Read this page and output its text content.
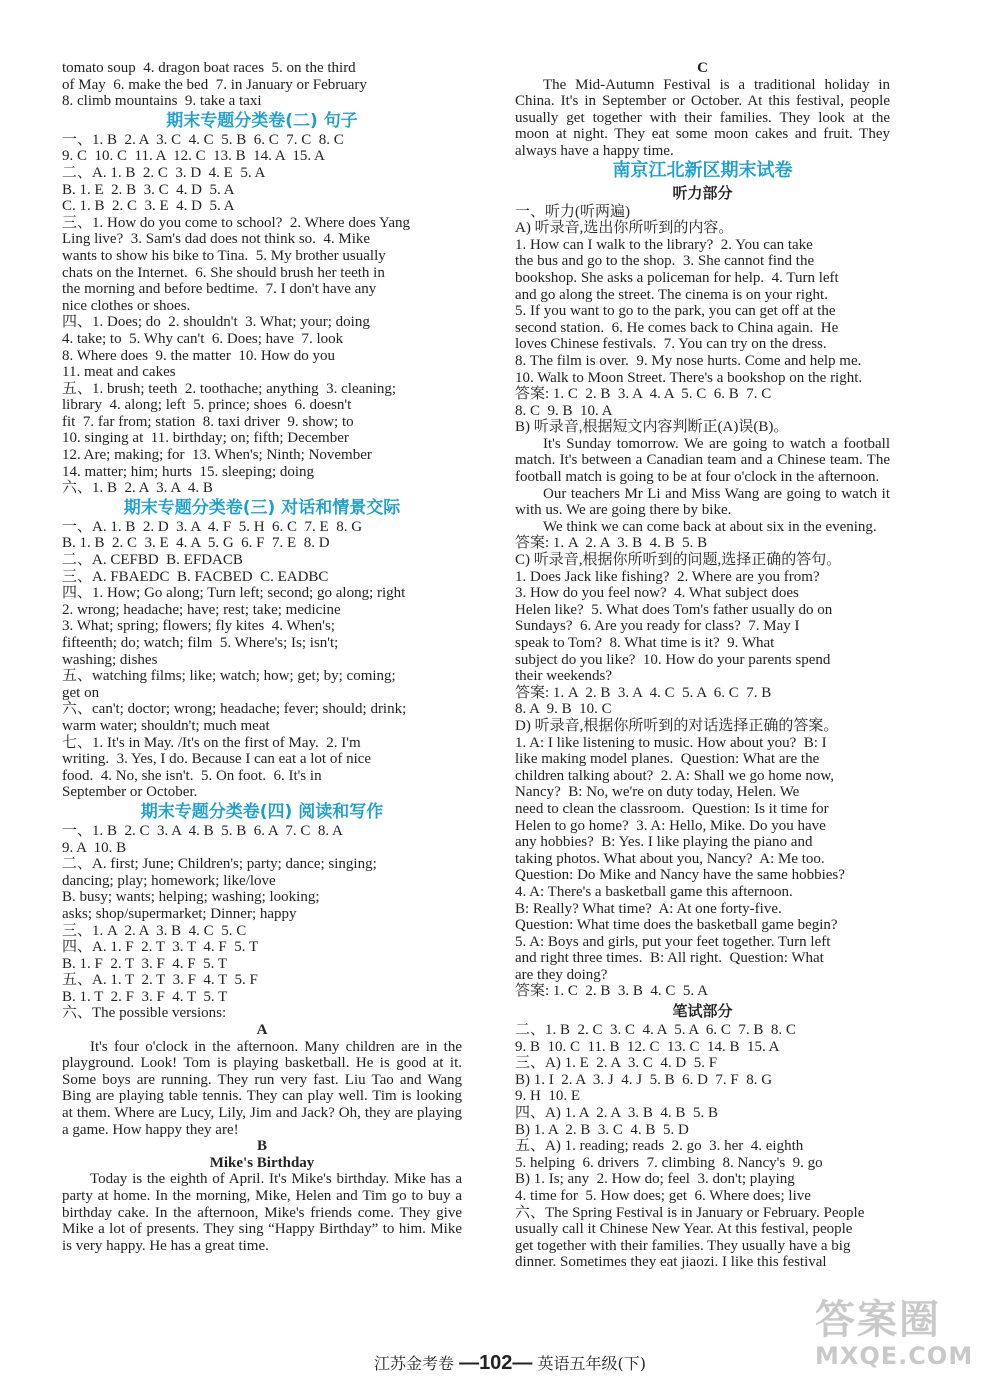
tomato soup  4. dragon boat races  5. on the third
of May  6. make the bed  7. in January or February
8. climb mountains  9. take a taxi
期末专题分类卷(二) 句子
一、1. B  2. A  3. C  4. C  5. B  6. C  7. C  8. C
9. C  10. C  11. A  12. C  13. B  14. A  15. A
二、A. 1. B  2. C  3. D  4. E  5. A
B. 1. E  2. B  3. C  4. D  5. A
C. 1. B  2. C  3. E  4. D  5. A
三、1. How do you come to school?  2. Where does Yang
Ling live?  3. Sam's dad does not think so.  4. Mike
wants to show his bike to Tina.  5. My brother usually
chats on the Internet.  6. She should brush her teeth in
the morning and before bedtime.  7. I don't have any
nice clothes or shoes.
四、1. Does; do  2. shouldn't  3. What; your; doing
4. take; to  5. Why can't  6. Does; have  7. look
8. Where does  9. the matter  10. How do you
11. meat and cakes
五、1. brush; teeth  2. toothache; anything  3. cleaning;
library  4. along; left  5. prince; shoes  6. doesn't
fit  7. far from; station  8. taxi driver  9. show; to
10. singing at  11. birthday; on; fifth; December
12. Are; making; for  13. When's; Ninth; November
14. matter; him; hurts  15. sleeping; doing
六、1. B  2. A  3. A  4. B
期末专题分类卷(三) 对话和情景交际
一、A. 1. B  2. D  3. A  4. F  5. H  6. C  7. E  8. G
B. 1. B  2. C  3. E  4. A  5. G  6. F  7. E  8. D
二、A. CEFBD  B. EFDACB
三、A. FBAEDC  B. FACBED  C. EADBC
四、1. How; Go along; Turn left; second; go along; right
2. wrong; headache; have; rest; take; medicine
3. What; spring; flowers; fly kites  4. When's;
fifteenth; do; watch; film  5. Where's; Is; isn't;
washing; dishes
五、watching films; like; watch; how; get; by; coming;
get on
六、can't; doctor; wrong; headache; fever; should; drink;
warm water; shouldn't; much meat
七、1. It's in May. /It's on the first of May.  2. I'm
writing.  3. Yes, I do. Because I can eat a lot of nice
food.  4. No, she isn't.  5. On foot.  6. It's in
September or October.
期末专题分类卷(四) 阅读和写作
一、1. B  2. C  3. A  4. B  5. B  6. A  7. C  8. A
9. A  10. B
二、A. first; June; Children's; party; dance; singing;
dancing; play; homework; like/love
B. busy; wants; helping; washing; looking;
asks; shop/supermarket; Dinner; happy
三、1. A  2. A  3. B  4. C  5. C
四、A. 1. F  2. T  3. T  4. F  5. T
B. 1. F  2. T  3. F  4. F  5. T
五、A. 1. T  2. T  3. F  4. T  5. F
B. 1. T  2. F  3. F  4. T  5. T
六、The possible versions:
A
It's four o'clock in the afternoon. Many children are in the playground. Look! Tom is playing basketball. He is good at it. Some boys are running. They run very fast. Liu Tao and Wang Bing are playing table tennis. They can play well. Tim is looking at them. Where are Lucy, Lily, Jim and Jack? Oh, they are playing a game. How happy they are!
B
Mike's Birthday
Today is the eighth of April. It's Mike's birthday. Mike has a party at home. In the morning, Mike, Helen and Tim go to buy a birthday cake. In the afternoon, Mike's friends come. They give Mike a lot of presents. They sing “Happy Birthday” to him. Mike is very happy. He has a great time.
C
The Mid-Autumn Festival is a traditional holiday in China. It's in September or October. At this festival, people usually get together with their families. They look at the moon at night. They eat some moon cakes and fruit. They always have a happy time.
南京江北新区期末试卷
听力部分
一、听力(听两遍)
A) 听录音,选出你所听到的内容。
1. How can I walk to the library?  2. You can take
the bus and go to the shop.  3. She cannot find the
bookshop. She asks a policeman for help.  4. Turn left
and go along the street. The cinema is on your right.
5. If you want to go to the park, you can get off at the
second station.  6. He comes back to China again.  He
loves Chinese festivals.  7. You can try on the dress.
8. The film is over.  9. My nose hurts. Come and help me.
10. Walk to Moon Street. There's a bookshop on the right.
答案: 1. C  2. B  3. A  4. A  5. C  6. B  7. C
8. C  9. B  10. A
B) 听录音,根据短文内容判断正(A)误(B)。
It's Sunday tomorrow. We are going to watch a football match. It's between a Canadian team and a Chinese team. The football match is going to be at four o'clock in the afternoon.
Our teachers Mr Li and Miss Wang are going to watch it with us. We are going there by bike.
We think we can come back at about six in the evening.
答案: 1. A  2. A  3. B  4. B  5. B
C) 听录音,根据你所听到的问题,选择正确的答句。
1. Does Jack like fishing?  2. Where are you from?
3. How do you feel now?  4. What subject does
Helen like?  5. What does Tom's father usually do on
Sundays?  6. Are you ready for class?  7. May I
speak to Tom?  8. What time is it?  9. What
subject do you like?  10. How do your parents spend
their weekends?
答案: 1. A  2. B  3. A  4. C  5. A  6. C  7. B
8. A  9. B  10. C
D) 听录音,根据你所听到的对话选择正确的答案。
1. A: I like listening to music. How about you?  B: I
like making model planes.  Question: What are the
children talking about?  2. A: Shall we go home now,
Nancy?  B: No, we're on duty today, Helen. We
need to clean the classroom.  Question: Is it time for
Helen to go home?  3. A: Hello, Mike. Do you have
any hobbies?  B: Yes. I like playing the piano and
taking photos. What about you, Nancy?  A: Me too.
Question: Do Mike and Nancy have the same hobbies?
4. A: There's a basketball game this afternoon.
B: Really? What time?  A: At one forty-five.
Question: What time does the basketball game begin?
5. A: Boys and girls, put your feet together. Turn left
and right three times.  B: All right.  Question: What
are they doing?
答案: 1. C  2. B  3. B  4. C  5. A
笔试部分
二、1. B  2. C  3. C  4. A  5. A  6. C  7. B  8. C
9. B  10. C  11. B  12. C  13. C  14. B  15. A
三、A) 1. E  2. A  3. C  4. D  5. F
B) 1. I  2. A  3. J  4. J  5. B  6. D  7. F  8. G
9. H  10. E
四、A) 1. A  2. A  3. B  4. B  5. B
B) 1. A  2. B  3. C  4. B  5. D
五、A) 1. reading; reads  2. go  3. her  4. eighth
5. helping  6. drivers  7. climbing  8. Nancy's  9. go
B) 1. Is; any  2. How do; feel  3. don't; playing
4. time for  5. How does; get  6. Where does; live
六、The Spring Festival is in January or February. People
usually call it Chinese New Year. At this festival, people
get together with their families. They usually have a big
dinner. Sometimes they eat jiaozi. I like this festival
江苏金考卷 —102— 英语五年级(下)
答案圈
MXQE.COM
